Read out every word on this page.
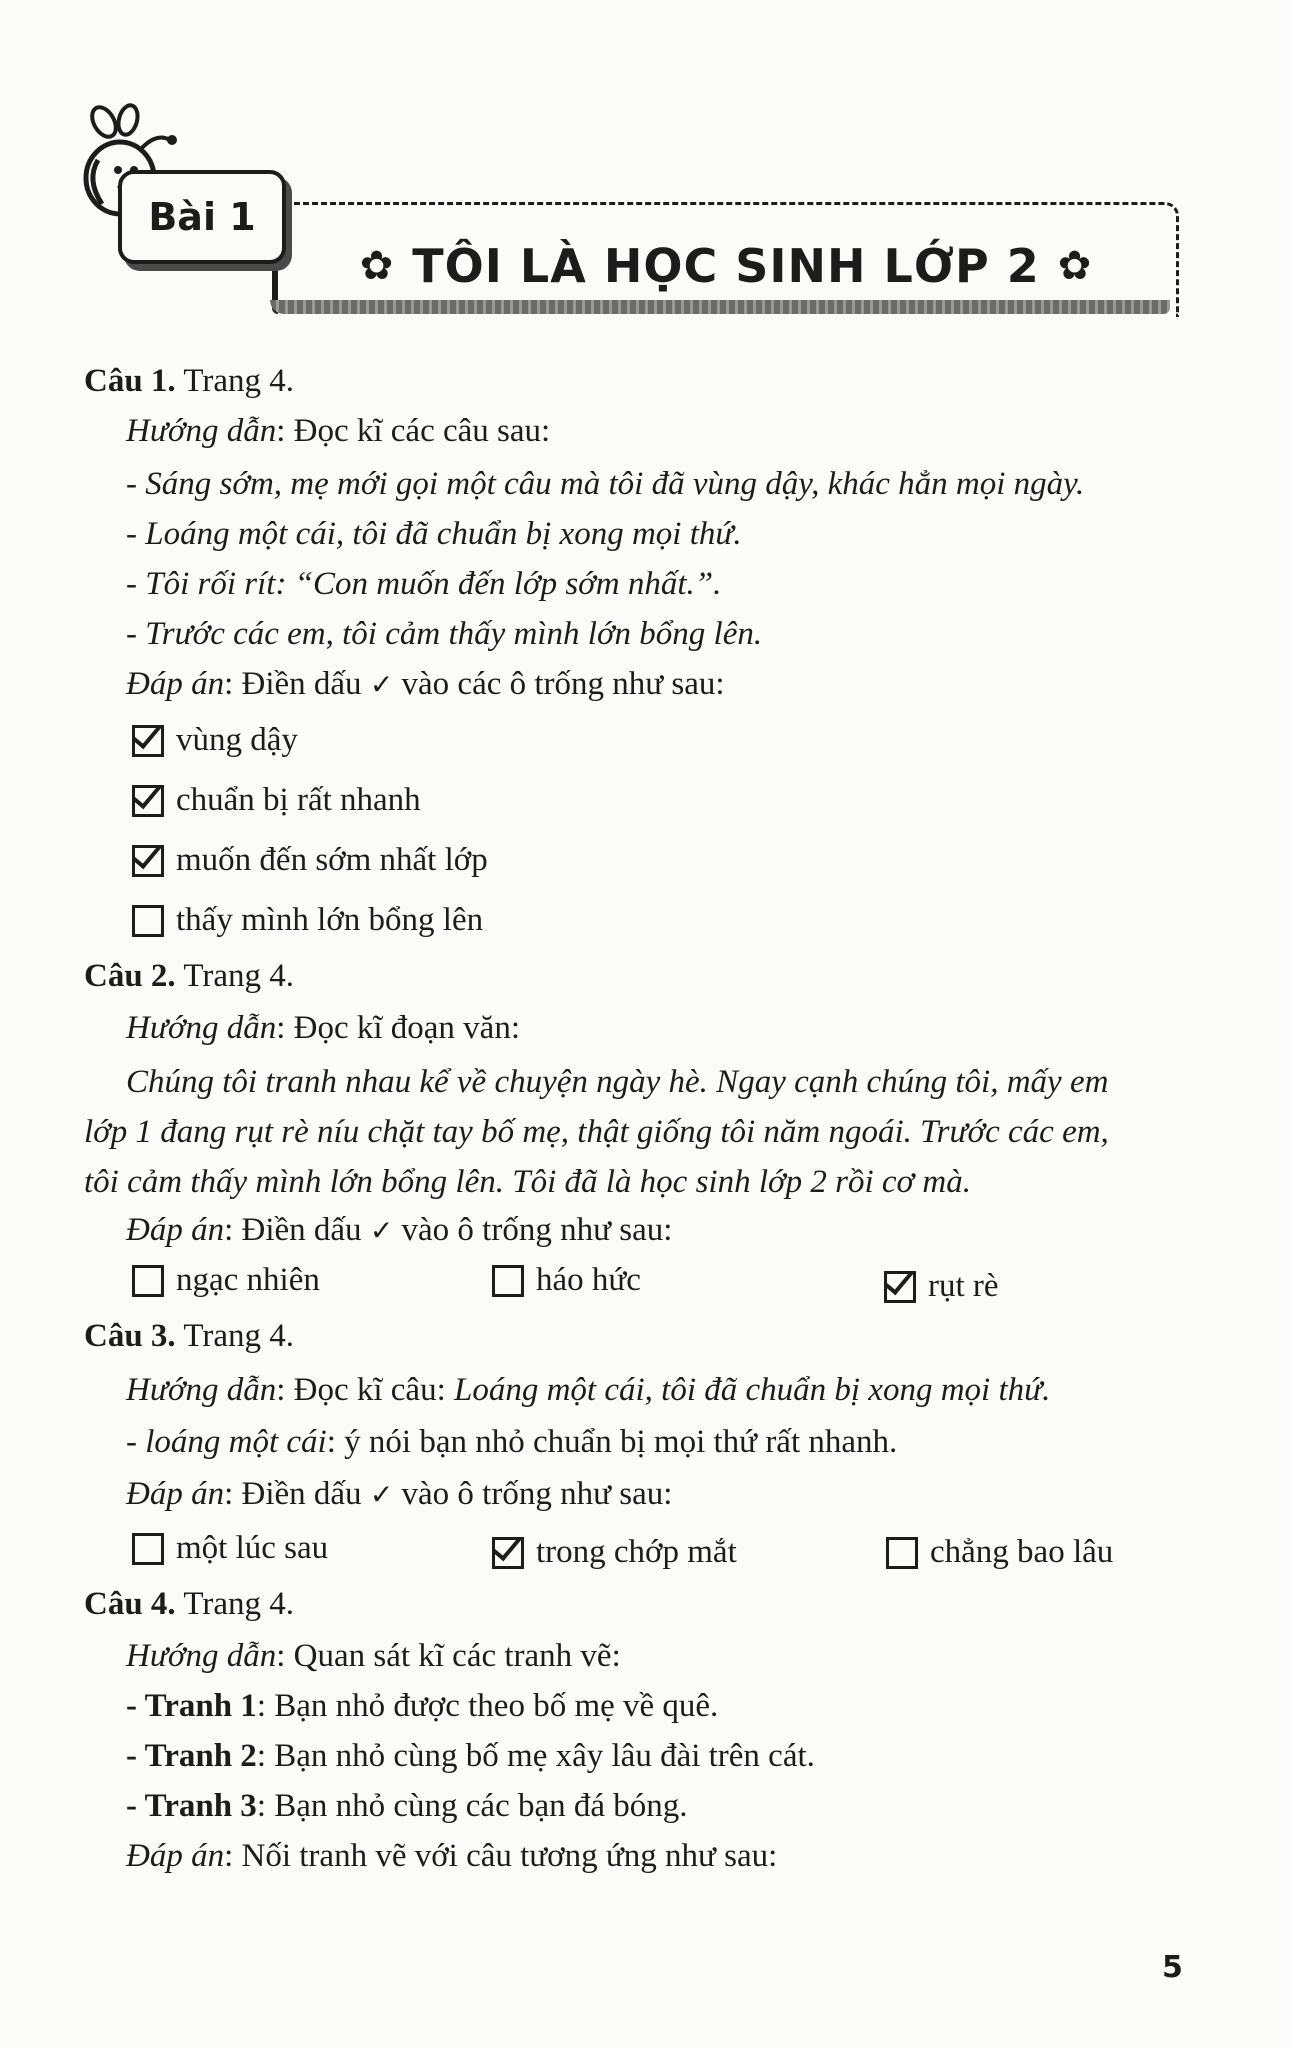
Bài 1
✿ TÔI LÀ HỌC SINH LỚP 2 ✿
Câu 1. Trang 4.
Hướng dẫn: Đọc kĩ các câu sau:
- Sáng sớm, mẹ mới gọi một câu mà tôi đã vùng dậy, khác hẳn mọi ngày.
- Loáng một cái, tôi đã chuẩn bị xong mọi thứ.
- Tôi rối rít: “Con muốn đến lớp sớm nhất.”.
- Trước các em, tôi cảm thấy mình lớn bổng lên.
Đáp án: Điền dấu ✓ vào các ô trống như sau:
vùng dậy
chuẩn bị rất nhanh
muốn đến sớm nhất lớp
thấy mình lớn bổng lên
Câu 2. Trang 4.
Hướng dẫn: Đọc kĩ đoạn văn:
Chúng tôi tranh nhau kể về chuyện ngày hè. Ngay cạnh chúng tôi, mấy em
lớp 1 đang rụt rè níu chặt tay bố mẹ, thật giống tôi năm ngoái. Trước các em,
tôi cảm thấy mình lớn bổng lên. Tôi đã là học sinh lớp 2 rồi cơ mà.
Đáp án: Điền dấu ✓ vào ô trống như sau:
ngạc nhiên	háo hức	rụt rè
Câu 3. Trang 4.
Hướng dẫn: Đọc kĩ câu: Loáng một cái, tôi đã chuẩn bị xong mọi thứ.
- loáng một cái: ý nói bạn nhỏ chuẩn bị mọi thứ rất nhanh.
Đáp án: Điền dấu ✓ vào ô trống như sau:
một lúc sau	trong chớp mắt	chẳng bao lâu
Câu 4. Trang 4.
Hướng dẫn: Quan sát kĩ các tranh vẽ:
- Tranh 1: Bạn nhỏ được theo bố mẹ về quê.
- Tranh 2: Bạn nhỏ cùng bố mẹ xây lâu đài trên cát.
- Tranh 3: Bạn nhỏ cùng các bạn đá bóng.
Đáp án: Nối tranh vẽ với câu tương ứng như sau:
5
